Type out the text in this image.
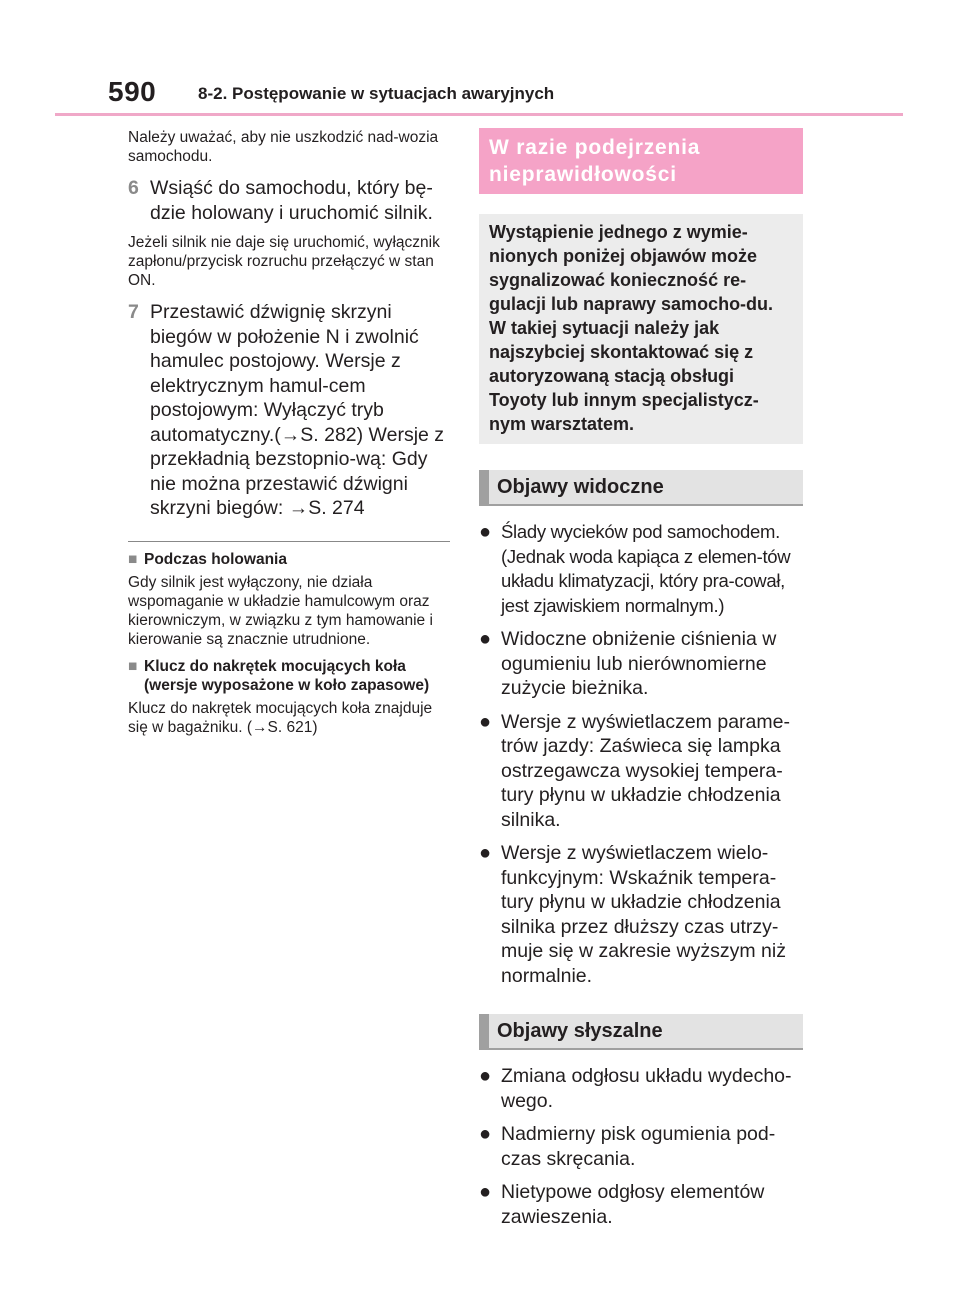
590 8-2. Postępowanie w sytuacjach awaryjnych

Należy uważać, aby nie uszkodzić nad-wozia samochodu.

6 Wsiąść do samochodu, który bę-dzie holowany i uruchomić silnik.

Jeżeli silnik nie daje się uruchomić, wyłącznik zapłonu/przycisk rozruchu przełączyć w stan ON.

7 Przestawić dźwignię skrzyni biegów w położenie N i zwolnić hamulec postojowy. Wersje z elektrycznym hamul-cem postojowym: Wyłączyć tryb automatyczny.(→S. 282) Wersje z przekładnią bezstopnio-wą: Gdy nie można przestawić dźwigni skrzyni biegów: →S. 274
■ Podczas holowania

Gdy silnik jest wyłączony, nie działa wspomaganie w układzie hamulcowym oraz kierowniczym, w związku z tym hamowanie i kierowanie są znacznie utrudnione.

■ Klucz do nakrętek mocujących koła (wersje wyposażone w koło zapasowe)

Klucz do nakrętek mocujących koła znajduje się w bagażniku. (→S. 621)

W razie podejrzenia nieprawidłowości
Wystąpienie jednego z wymie-nionych poniżej objawów może sygnalizować konieczność re-gulacji lub naprawy samocho-du. W takiej sytuacji należy jak najszybciej skontaktować się z autoryzowaną stacją obsługi Toyoty lub innym specjalistycz-nym warsztatem.
Objawy widoczne
● Ślady wycieków pod samochodem. (Jednak woda kapiąca z elemen-tów układu klimatyzacji, który pra-cował, jest zjawiskiem normalnym.)
● Widoczne obniżenie ciśnienia w ogumieniu lub nierównomierne zużycie bieżnika.
● Wersje z wyświetlaczem parame-trów jazdy: Zaświeca się lampka ostrzegawcza wysokiej tempera-tury płynu w układzie chłodzenia silnika.
● Wersje z wyświetlaczem wielo-funkcyjnym: Wskaźnik tempera-tury płynu w układzie chłodzenia silnika przez dłuższy czas utrzy-muje się w zakresie wyższym niż normalnie.
Objawy słyszalne
● Zmiana odgłosu układu wydecho-wego.
● Nadmierny pisk ogumienia pod-czas skręcania.
● Nietypowe odgłosy elementów zawieszenia.
